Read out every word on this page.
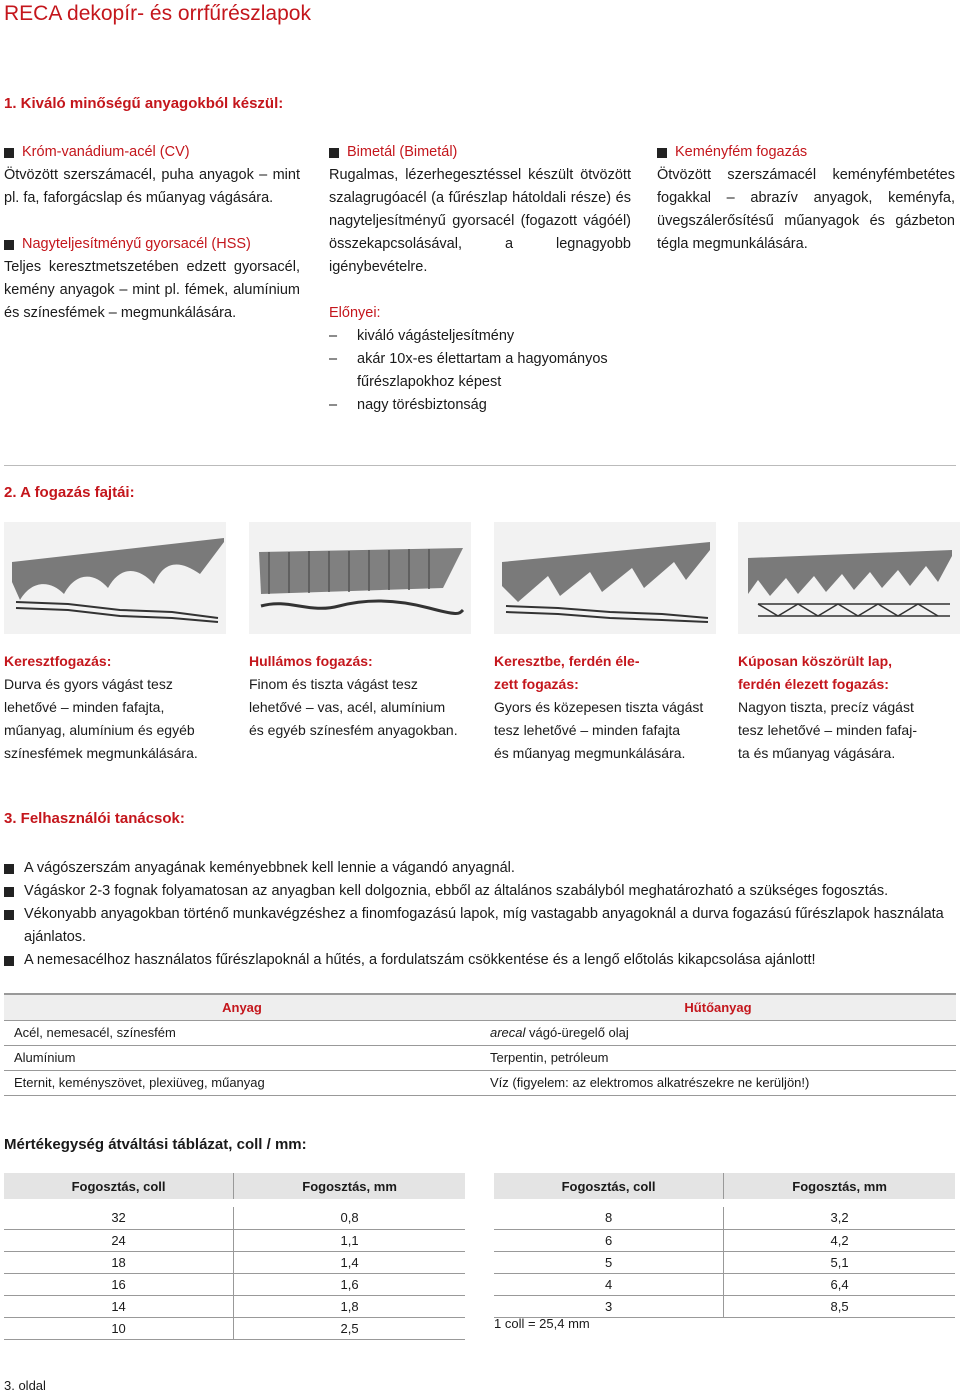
RECA dekopír- és orrfűrészlapok
1. Kiváló minőségű anyagokból készül:
Króm-vanádium-acél (CV)

Ötvözött szerszámacél, puha anyagok – mint pl. fa, faforgácslap és műanyag vágására.

Nagyteljesítményű gyorsacél (HSS)

Teljes keresztmetszetében edzett gyorsacél, kemény anyagok – mint pl. fémek, alumínium és színesfémek – megmunkálására.

Bimetál (Bimetál)

Rugalmas, lézerhegesztéssel készült ötvözött szalagrugóacél (a fűrészlap hátoldali része) és nagyteljesítményű gyorsacél (fogazott vágóél) összekapcsolásával, a legnagyobb igénybevételre.

Előnyei:
–	kiváló vágásteljesítmény
–	akár 10x-es élettartam a hagyományos fűrészlapokhoz képest
–	nagy törésbiztonság
Keményfém fogazás

Ötvözött szerszámacél keményfémbetétes fogakkal – abrazív anyagok, keményfa, üvegszálerősítésű műanyagok és gázbeton tégla megmunkálására.

2. A fogazás fajtái:
Keresztfogazás:
Durva és gyors vágást tesz
lehetővé – minden fafajta,
műanyag, alumínium és egyéb
színesfémek megmunkálására.
Hullámos fogazás:
Finom és tiszta vágást tesz
lehetővé – vas, acél, alumínium
és egyéb színesfém anyagokban.
Keresztbe, ferdén éle-
zett fogazás:
Gyors és közepesen tiszta vágást
tesz lehetővé – minden fafajta
és műanyag megmunkálására.
Kúposan köszörült lap,
ferdén élezett fogazás:
Nagyon tiszta, precíz vágást
tesz lehetővé – minden fafaj-
ta és műanyag vágására.
3. Felhasználói tanácsok:
A vágószerszám anyagának keményebbnek kell lennie a vágandó anyagnál.
Vágáskor 2-3 fognak folyamatosan az anyagban kell dolgoznia, ebből az általános szabályból meghatározható a szükséges fogosztás.
Vékonyabb anyagokban történő munkavégzéshez a finomfogazású lapok, míg vastagabb anyagoknál a durva fogazású fűrészlapok használata ajánlatos.
A nemesacélhoz használatos fűrészlapoknál a hűtés, a fordulatszám csökkentése és a lengő előtolás kikapcsolása ajánlott!
Anyag	Hűtőanyag
Acél, nemesacél, színesfém	arecal vágó-üregelő olaj
Alumínium	Terpentin, petróleum
Eternit, keményszövet, plexiüveg, műanyag	Víz (figyelem: az elektromos alkatrészekre ne kerüljön!)
Mértékegység átváltási táblázat, coll / mm:
Fogosztás, coll	Fogosztás, mm

32	0,8
24	1,1
18	1,4
16	1,6
14	1,8
10	2,5
Fogosztás, coll	Fogosztás, mm

8	3,2
6	4,2
5	5,1
4	6,4
3	8,5
1 coll = 25,4 mm
3. oldal
